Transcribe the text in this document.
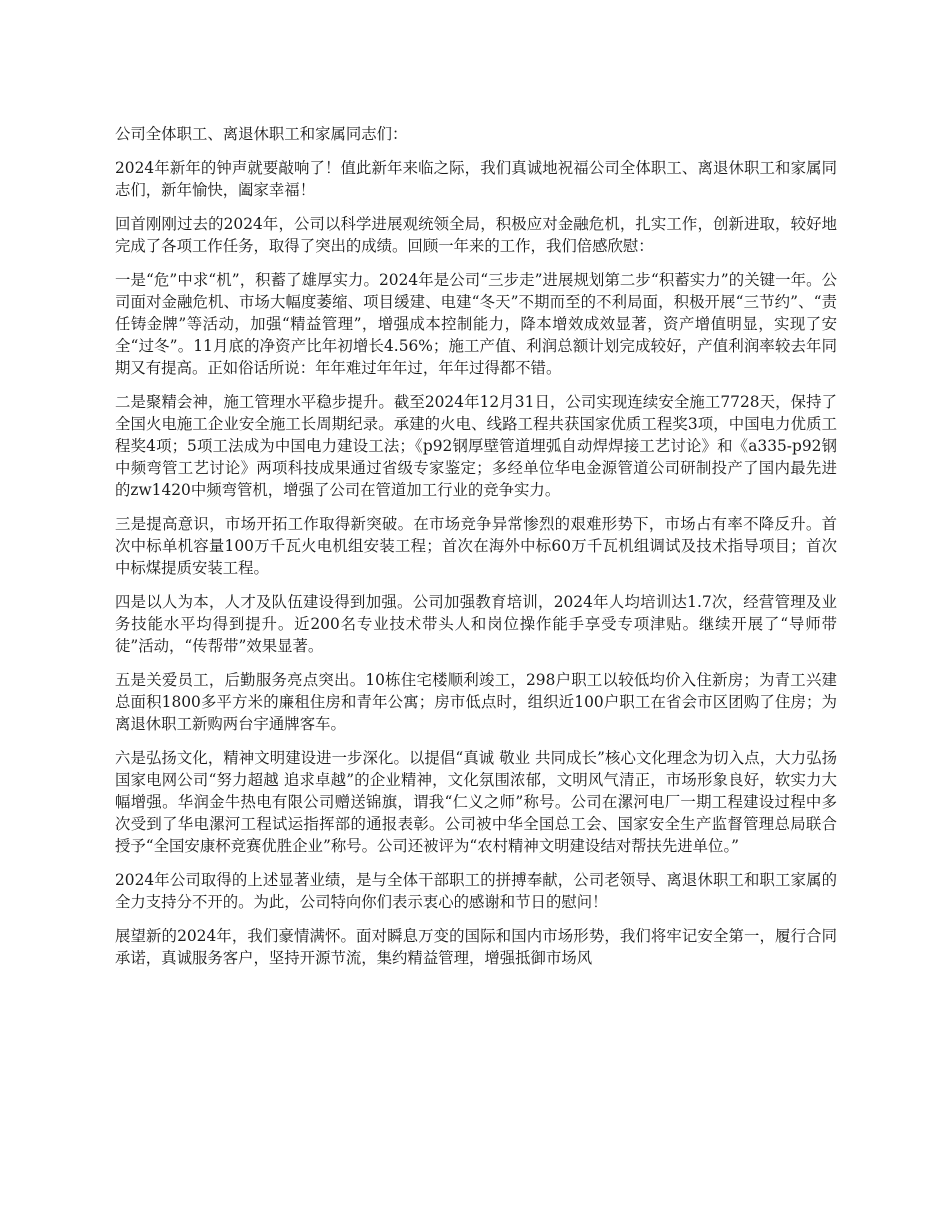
公司全体职工、离退休职工和家属同志们：

2024年新年的钟声就要敲响了！值此新年来临之际，我们真诚地祝福公司全体职工、离退休职工和家属同志们，新年愉快，阖家幸福！

回首刚刚过去的2024年，公司以科学进展观统领全局，积极应对金融危机，扎实工作，创新进取，较好地完成了各项工作任务，取得了突出的成绩。回顾一年来的工作，我们倍感欣慰：

一是“危”中求“机”，积蓄了雄厚实力。2024年是公司“三步走”进展规划第二步“积蓄实力”的关键一年。公司面对金融危机、市场大幅度萎缩、项目缓建、电建“冬天”不期而至的不利局面，积极开展“三节约”、“责任铸金牌”等活动，加强“精益管理”，增强成本控制能力，降本增效成效显著，资产增值明显，实现了安全“过冬”。11月底的净资产比年初增长4.56%；施工产值、利润总额计划完成较好，产值利润率较去年同期又有提高。正如俗话所说：年年难过年年过，年年过得都不错。

二是聚精会神，施工管理水平稳步提升。截至2024年12月31日，公司实现连续安全施工7728天，保持了全国火电施工企业安全施工长周期纪录。承建的火电、线路工程共获国家优质工程奖3项，中国电力优质工程奖4项；5项工法成为中国电力建设工法；《p92钢厚壁管道埋弧自动焊焊接工艺讨论》和《a335-p92钢中频弯管工艺讨论》两项科技成果通过省级专家鉴定；多经单位华电金源管道公司研制投产了国内最先进的zw1420中频弯管机，增强了公司在管道加工行业的竞争实力。

三是提高意识，市场开拓工作取得新突破。在市场竞争异常惨烈的艰难形势下，市场占有率不降反升。首次中标单机容量100万千瓦火电机组安装工程；首次在海外中标60万千瓦机组调试及技术指导项目；首次中标煤提质安装工程。

四是以人为本，人才及队伍建设得到加强。公司加强教育培训，2024年人均培训达1.7次，经营管理及业务技能水平均得到提升。近200名专业技术带头人和岗位操作能手享受专项津贴。继续开展了“导师带徒”活动，“传帮带”效果显著。

五是关爱员工，后勤服务亮点突出。10栋住宅楼顺利竣工，298户职工以较低均价入住新房；为青工兴建总面积1800多平方米的廉租住房和青年公寓；房市低点时，组织近100户职工在省会市区团购了住房；为离退休职工新购两台宇通牌客车。

六是弘扬文化，精神文明建设进一步深化。以提倡“真诚 敬业 共同成长”核心文化理念为切入点，大力弘扬国家电网公司“努力超越 追求卓越”的企业精神，文化氛围浓郁，文明风气清正，市场形象良好，软实力大幅增强。华润金牛热电有限公司赠送锦旗，谓我“仁义之师”称号。公司在漯河电厂一期工程建设过程中多次受到了华电漯河工程试运指挥部的通报表彰。公司被中华全国总工会、国家安全生产监督管理总局联合授予“全国安康杯竞赛优胜企业”称号。公司还被评为“农村精神文明建设结对帮扶先进单位。”

2024年公司取得的上述显著业绩，是与全体干部职工的拼搏奉献，公司老领导、离退休职工和职工家属的全力支持分不开的。为此，公司特向你们表示衷心的感谢和节日的慰问！

展望新的2024年，我们豪情满怀。面对瞬息万变的国际和国内市场形势，我们将牢记安全第一，履行合同承诺，真诚服务客户，坚持开源节流，集约精益管理，增强抵御市场风
